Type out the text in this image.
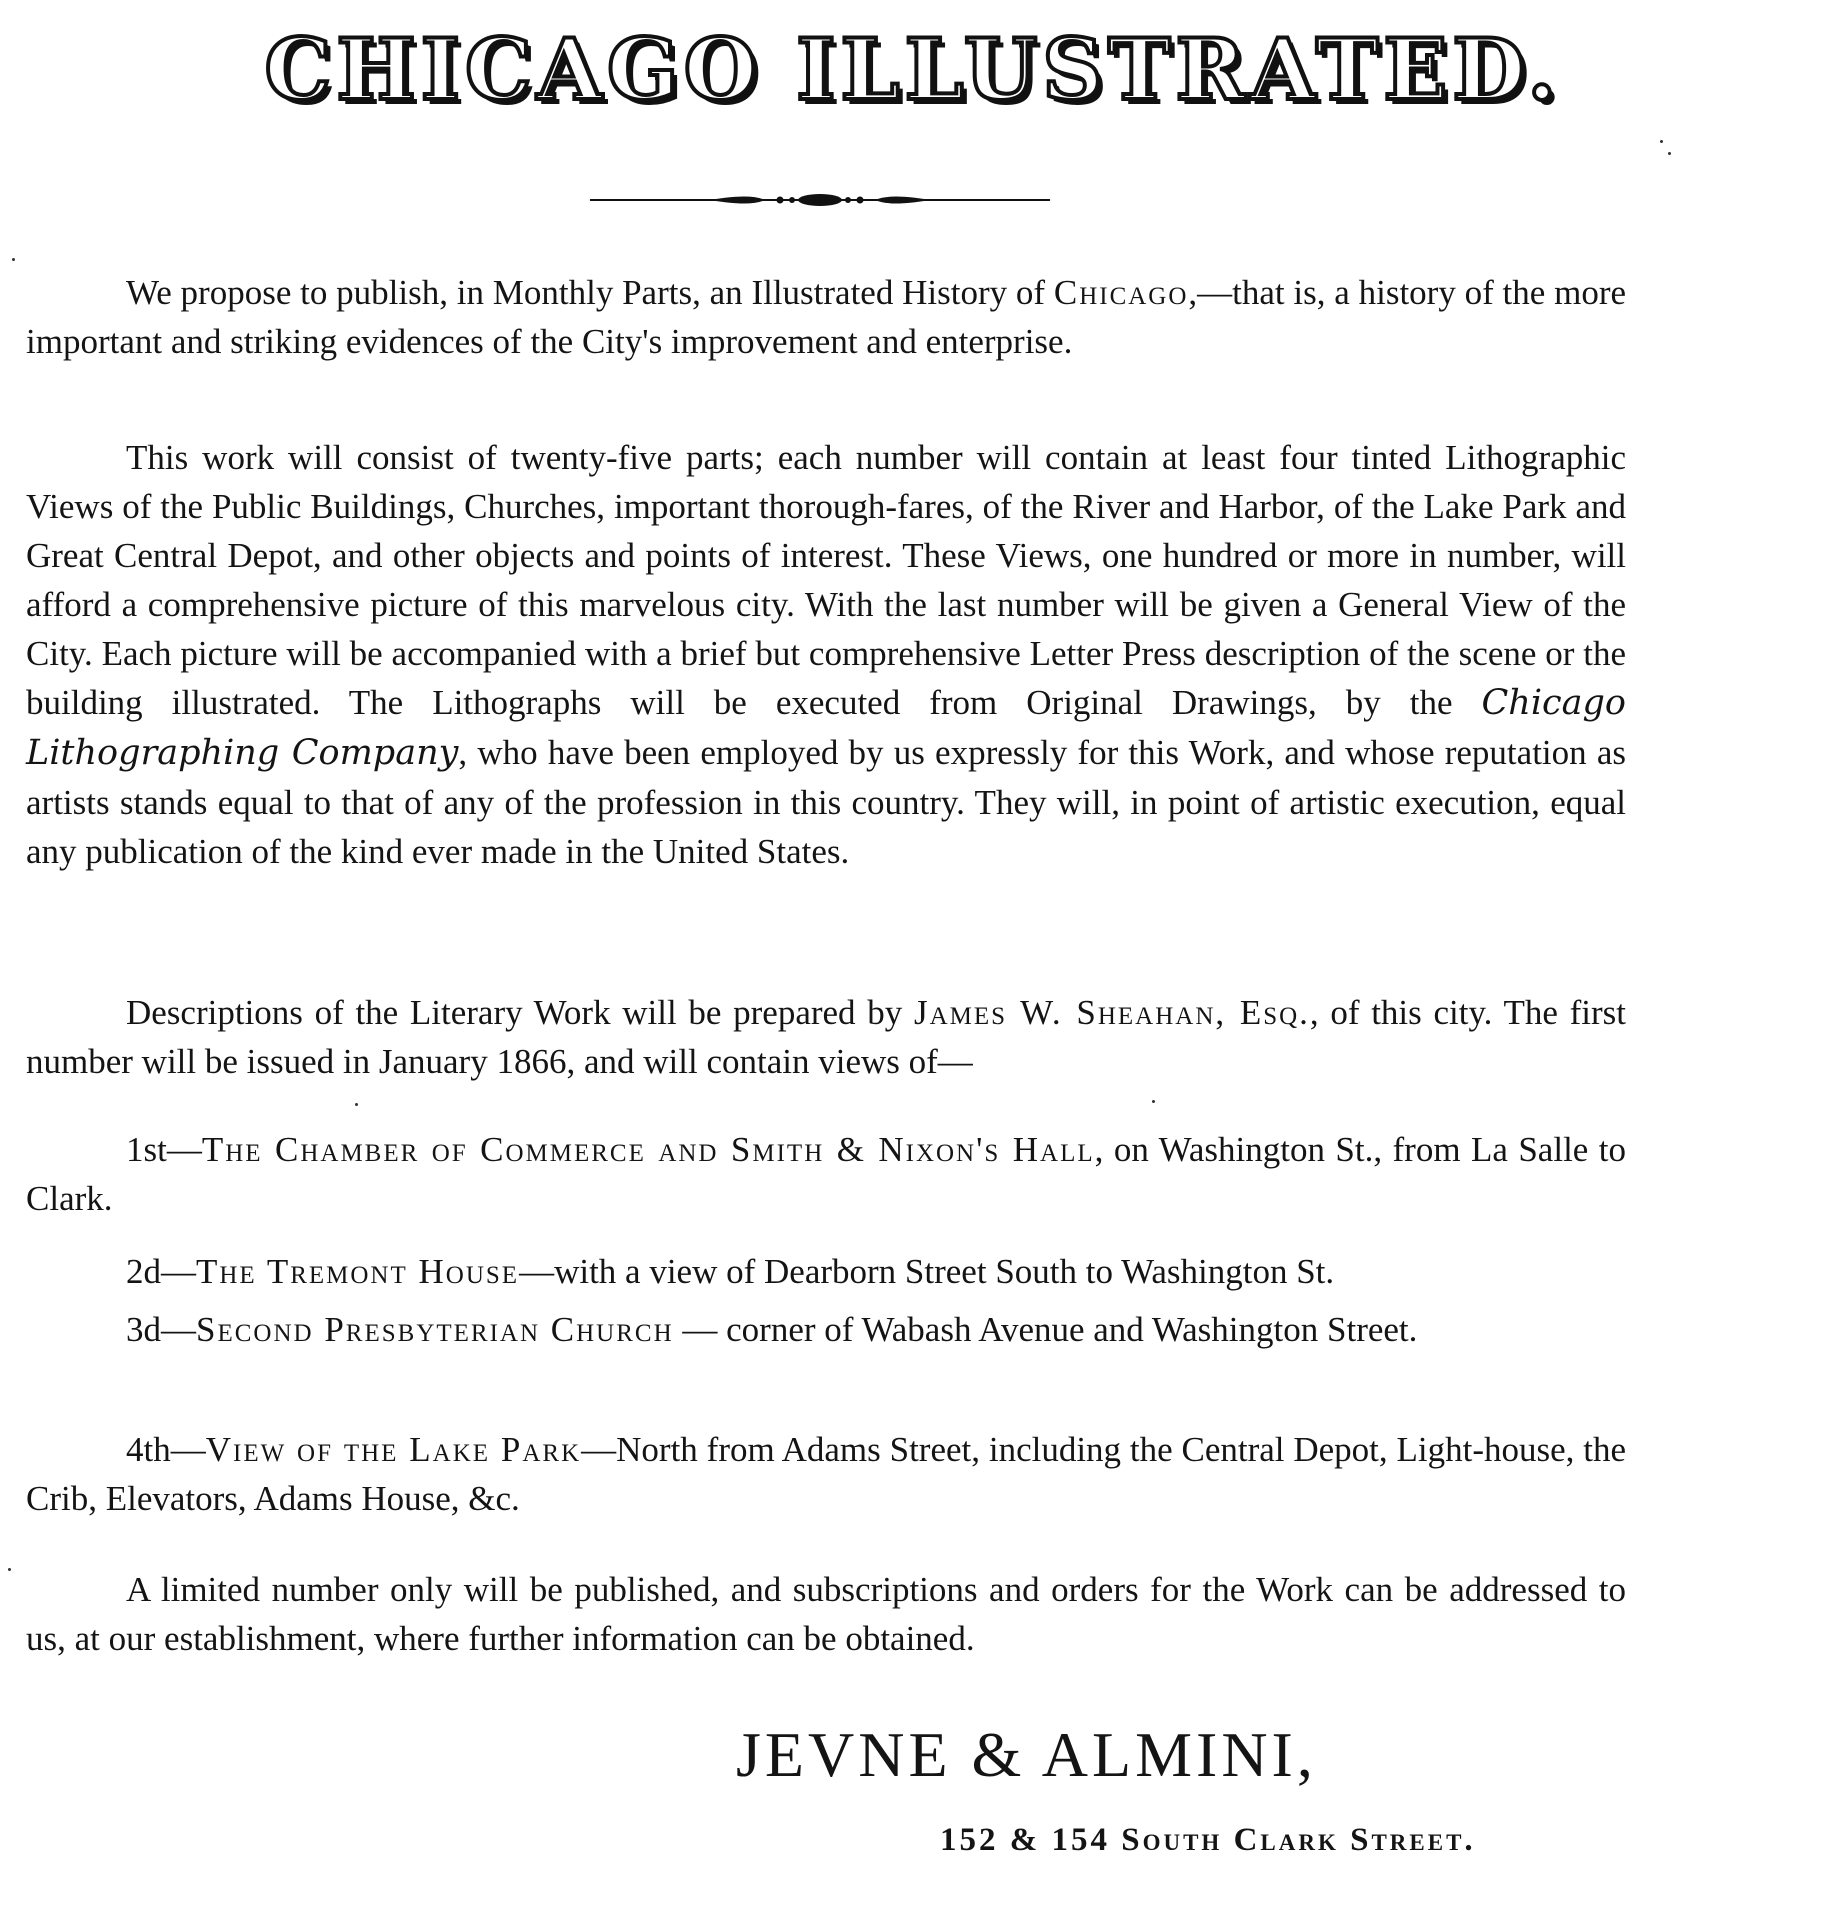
CHICAGO ILLUSTRATED.

We propose to publish, in Monthly Parts, an Illustrated History of Chicago,—that is, a history of the more important and striking evidences of the City's improvement and enterprise.

This work will consist of twenty-five parts; each number will contain at least four tinted Lithographic Views of the Public Buildings, Churches, important thorough-fares, of the River and Harbor, of the Lake Park and Great Central Depot, and other objects and points of interest. These Views, one hundred or more in number, will afford a comprehensive picture of this marvelous city. With the last number will be given a General View of the City. Each picture will be accompanied with a brief but comprehensive Letter Press description of the scene or the building illustrated. The Lithographs will be executed from Original Drawings, by the Chicago Lithographing Company, who have been employed by us expressly for this Work, and whose reputation as artists stands equal to that of any of the profession in this country. They will, in point of artistic execution, equal any publication of the kind ever made in the United States.

Descriptions of the Literary Work will be prepared by James W. Sheahan, Esq., of this city. The first number will be issued in January 1866, and will contain views of—

1st—The Chamber of Commerce and Smith & Nixon's Hall, on Washington St., from La Salle to Clark.

2d—The Tremont House—with a view of Dearborn Street South to Washington St.

3d—Second Presbyterian Church — corner of Wabash Avenue and Washington Street.

4th—View of the Lake Park—North from Adams Street, including the Central Depot, Light-house, the Crib, Elevators, Adams House, &c.

A limited number only will be published, and subscriptions and orders for the Work can be addressed to us, at our establishment, where further information can be obtained.

JEVNE & ALMINI,
152 & 154 South Clark Street.
